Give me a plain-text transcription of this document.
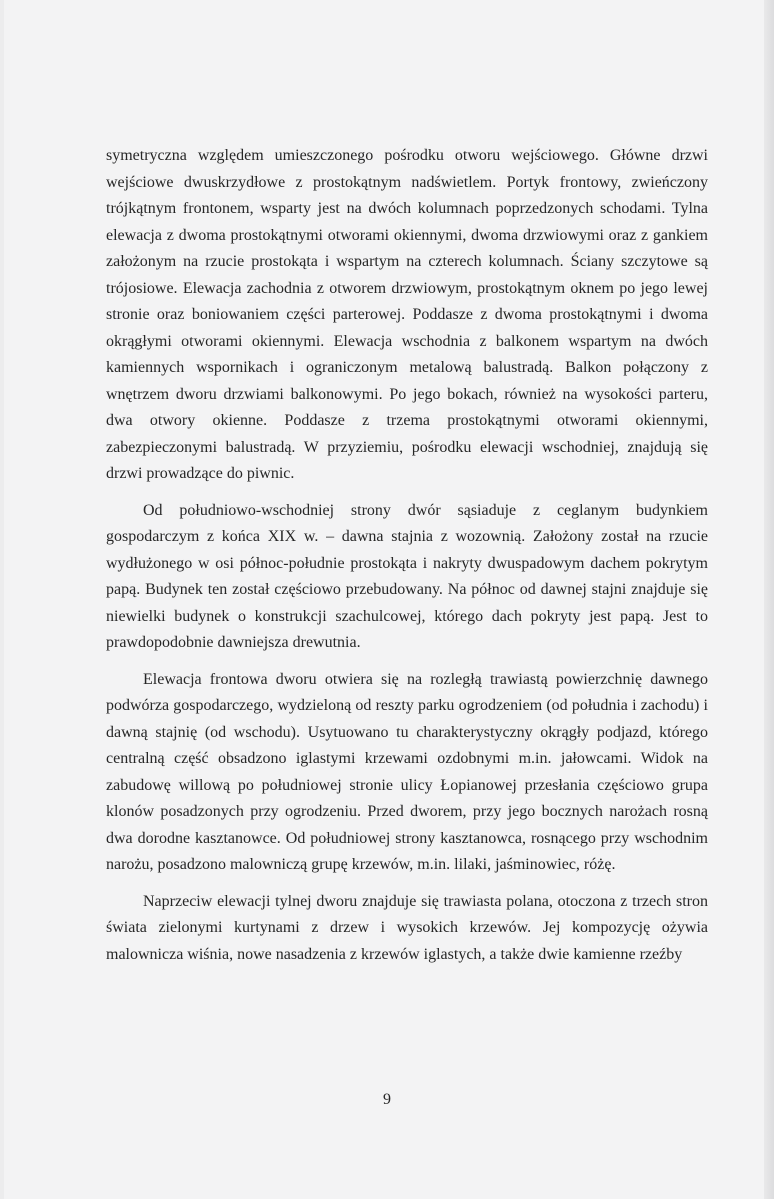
symetryczna względem umieszczonego pośrodku otworu wejściowego. Główne drzwi wejściowe dwuskrzydłowe z prostokątnym nadświetlem. Portyk frontowy, zwieńczony trójkątnym frontonem, wsparty jest na dwóch kolumnach poprzedzonych schodami. Tylna elewacja z dwoma prostokątnymi otworami okiennymi, dwoma drzwiowymi oraz z gankiem założonym na rzucie prostokąta i wspartym na czterech kolumnach. Ściany szczytowe są trójosiowe. Elewacja zachodnia z otworem drzwiowym, prostokątnym oknem po jego lewej stronie oraz boniowaniem części parterowej. Poddasze z dwoma prostokątnymi i dwoma okrągłymi otworami okiennymi. Elewacja wschodnia z balkonem wspartym na dwóch kamiennych wspornikach i ograniczonym metalową balustradą. Balkon połączony z wnętrzem dworu drzwiami balkonowymi. Po jego bokach, również na wysokości parteru, dwa otwory okienne. Poddasze z trzema prostokątnymi otworami okiennymi, zabezpieczonymi balustradą. W przyziemiu, pośrodku elewacji wschodniej, znajdują się drzwi prowadzące do piwnic.

Od południowo-wschodniej strony dwór sąsiaduje z ceglanym budynkiem gospodarczym z końca XIX w. – dawna stajnia z wozownią. Założony został na rzucie wydłużonego w osi północ-południe prostokąta i nakryty dwuspadowym dachem pokrytym papą. Budynek ten został częściowo przebudowany. Na północ od dawnej stajni znajduje się niewielki budynek o konstrukcji szachulcowej, którego dach pokryty jest papą. Jest to prawdopodobnie dawniejsza drewutnia.

Elewacja frontowa dworu otwiera się na rozległą trawiastą powierzchnię dawnego podwórza gospodarczego, wydzieloną od reszty parku ogrodzeniem (od południa i zachodu) i dawną stajnię (od wschodu). Usytuowano tu charakterystyczny okrągły podjazd, którego centralną część obsadzono iglastymi krzewami ozdobnymi m.in. jałowcami. Widok na zabudowę willową po południowej stronie ulicy Łopianowej przesłania częściowo grupa klonów posadzonych przy ogrodzeniu. Przed dworem, przy jego bocznych narożach rosną dwa dorodne kasztanowce. Od południowej strony kasztanowca, rosnącego przy wschodnim narożu, posadzono malowniczą grupę krzewów, m.in. lilaki, jaśminowiec, różę.

Naprzeciw elewacji tylnej dworu znajduje się trawiasta polana, otoczona z trzech stron świata zielonymi kurtynami z drzew i wysokich krzewów. Jej kompozycję ożywia malownicza wiśnia, nowe nasadzenia z krzewów iglastych, a także dwie kamienne rzeźby

9
